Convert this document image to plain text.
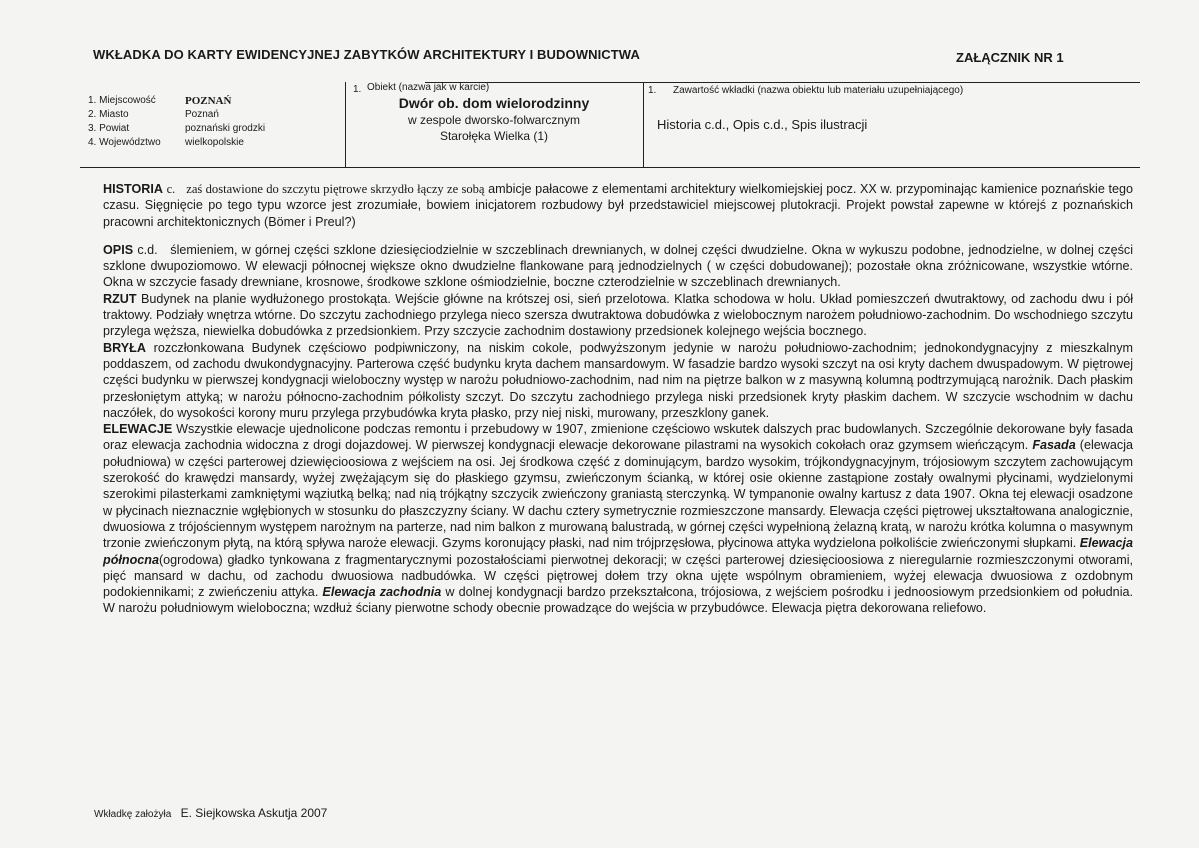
WKŁADKA DO KARTY EWIDENCYJNEJ ZABYTKÓW ARCHITEKTURY I BUDOWNICTWA	ZAŁĄCZNIK NR 1
1. Miejscowość	POZNAŃ
2. Miasto	Poznań
3. Powiat	poznański grodzki
4. Województwo	wielkopolskie
1. Obiekt (nazwa jak w karcie)
Dwór ob. dom wielorodzinny
w zespole dworsko-folwarcznym
Starołęka Wielka (1)
1. Zawartość wkładki (nazwa obiektu lub materiału uzupełniającego)
Historia c.d., Opis c.d., Spis ilustracji

HISTORIA c. zaś dostawione do szczytu piętrowe skrzydło łączy ze sobą ambicje pałacowe z elementami architektury wielkomiejskiej pocz. XX w. przypominając kamienice poznańskie tego czasu. Sięgnięcie po tego typu wzorce jest zrozumiałe, bowiem inicjatorem rozbudowy był przedstawiciel miejscowej plutokracji. Projekt powstał zapewne w którejś z poznańskich pracowni architektonicznych (Bömer i Preul?)

OPIS c.d. ślemieniem, w górnej części szklone dziesięciodzielnie w szczeblinach drewnianych, w dolnej części dwudzielne. Okna w wykuszu podobne, jednodzielne, w dolnej części szklone dwupoziomowo. W elewacji północnej większe okno dwudzielne flankowane parą jednodzielnych ( w części dobudowanej); pozostałe okna zróżnicowane, wszystkie wtórne. Okna w szczycie fasady drewniane, krosnowe, środkowe szklone ośmiodzielnie, boczne czterodzielnie w szczeblinach drewnianych.

RZUT Budynek na planie wydłużonego prostokąta. Wejście główne na krótszej osi, sień przelotowa. Klatka schodowa w holu. Układ pomieszczeń dwutraktowy, od zachodu dwu i pół traktowy. Podziały wnętrza wtórne. Do szczytu zachodniego przylega nieco szersza dwutraktowa dobudówka z wielobocznym narożem południowo-zachodnim. Do wschodniego szczytu przylega węższa, niewielka dobudówka z przedsionkiem. Przy szczycie zachodnim dostawiony przedsionek kolejnego wejścia bocznego.

BRYŁA rozczłonkowana Budynek częściowo podpiwniczony, na niskim cokole, podwyższonym jedynie w narożu południowo-zachodnim; jednokondygnacyjny z mieszkalnym poddaszem, od zachodu dwukondygnacyjny. Parterowa część budynku kryta dachem mansardowym. W fasadzie bardzo wysoki szczyt na osi kryty dachem dwuspadowym. W piętrowej części budynku w pierwszej kondygnacji wieloboczny występ w narożu południowo-zachodnim, nad nim na piętrze balkon w z masywną kolumną podtrzymującą narożnik. Dach płaskim przesłoniętym attyką; w narożu północno-zachodnim półkolisty szczyt. Do szczytu zachodniego przylega niski przedsionek kryty płaskim dachem. W szczycie wschodnim w dachu naczółek, do wysokości korony muru przylega przybudówka kryta płasko, przy niej niski, murowany, przeszklony ganek.

ELEWACJE Wszystkie elewacje ujednolicone podczas remontu i przebudowy w 1907, zmienione częściowo wskutek dalszych prac budowlanych. Szczególnie dekorowane były fasada oraz elewacja zachodnia widoczna z drogi dojazdowej. W pierwszej kondygnacji elewacje dekorowane pilastrami na wysokich cokołach oraz gzymsem wieńczącym. Fasada (elewacja południowa) w części parterowej dziewięcioosiowa z wejściem na osi. Jej środkowa część z dominującym, bardzo wysokim, trójkondygnacyjnym, trójosiowym szczytem zachowującym szerokość do krawędzi mansardy, wyżej zwężającym się do płaskiego gzymsu, zwieńczonym ścianką, w której osie okienne zastąpione zostały owalnymi płycinami, wydzielonymi szerokimi pilasterkami zamkniętymi wąziutką belką; nad nią trójkątny szczycik zwieńczony graniastą sterczynką. W tympanonie owalny kartusz z data 1907. Okna tej elewacji osadzone w płycinach nieznacznie wgłębionych w stosunku do płaszczyzny ściany. W dachu cztery symetrycznie rozmieszczone mansardy. Elewacja części piętrowej ukształtowana analogicznie, dwuosiowa z trójościennym występem narożnym na parterze, nad nim balkon z murowaną balustradą, w górnej części wypełnioną żelazną kratą, w narożu krótka kolumna o masywnym trzonie zwieńczonym płytą, na którą spływa naroże elewacji. Gzyms koronujący płaski, nad nim trójprzęsłowa, płycinowa attyka wydzielona połkoliście zwieńczonymi słupkami. Elewacja północna(ogrodowa) gładko tynkowana z fragmentarycznymi pozostałościami pierwotnej dekoracji; w części parterowej dziesięcioosiowa z nieregularnie rozmieszczonymi otworami, pięć mansard w dachu, od zachodu dwuosiowa nadbudówka. W części piętrowej dołem trzy okna ujęte wspólnym obramieniem, wyżej elewacja dwuosiowa z ozdobnym podokiennikami; z zwieńczeniu attyka. Elewacja zachodnia w dolnej kondygnacji bardzo przekształcona, trójosiowa, z wejściem pośrodku i jednoosiowym przedsionkiem od południa. W narożu południowym wieloboczna; wzdłuż ściany pierwotne schody obecnie prowadzące do wejścia w przybudówce. Elewacja piętra dekorowana reliefowo.

Wkładkę założyła E. Siejkowska Askutja 2007
